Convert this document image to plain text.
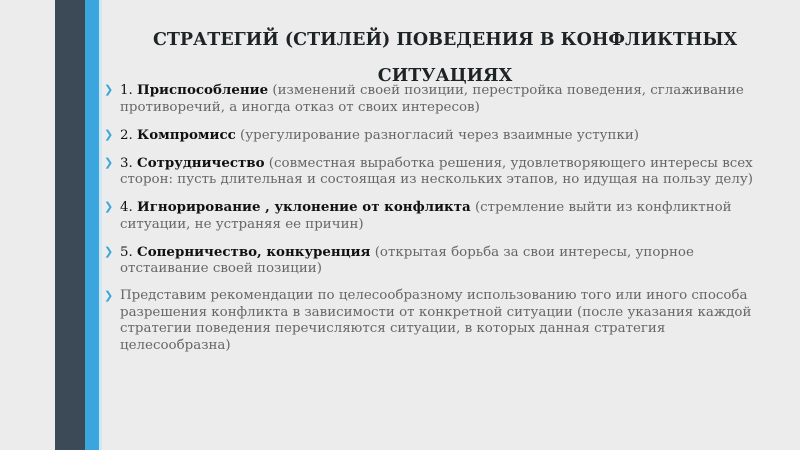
СТРАТЕГИЙ (СТИЛЕЙ) ПОВЕДЕНИЯ В КОНФЛИКТНЫХ СИТУАЦИЯХ
❯ 1. Приспособление (изменений своей позиции, перестройка поведения, сглаживание противоречий, а иногда отказ от своих интересов)
❯ 2. Компромисс (урегулирование разногласий через взаимные уступки)
❯ 3. Сотрудничество (совместная выработка решения, удовлетворяющего интересы всех сторон: пусть длительная и состоящая из нескольких этапов, но идущая на пользу делу)
❯ 4. Игнорирование , уклонение от конфликта (стремление выйти из конфликтной ситуации, не устраняя ее причин)
❯ 5. Соперничество, конкуренция (открытая борьба за свои интересы, упорное отстаивание своей позиции)
❯ Представим рекомендации по целесообразному использованию того или иного способа разрешения конфликта в зависимости от конкретной ситуации (после указания каждой стратегии поведения перечисляются ситуации, в которых данная стратегия целесообразна)
